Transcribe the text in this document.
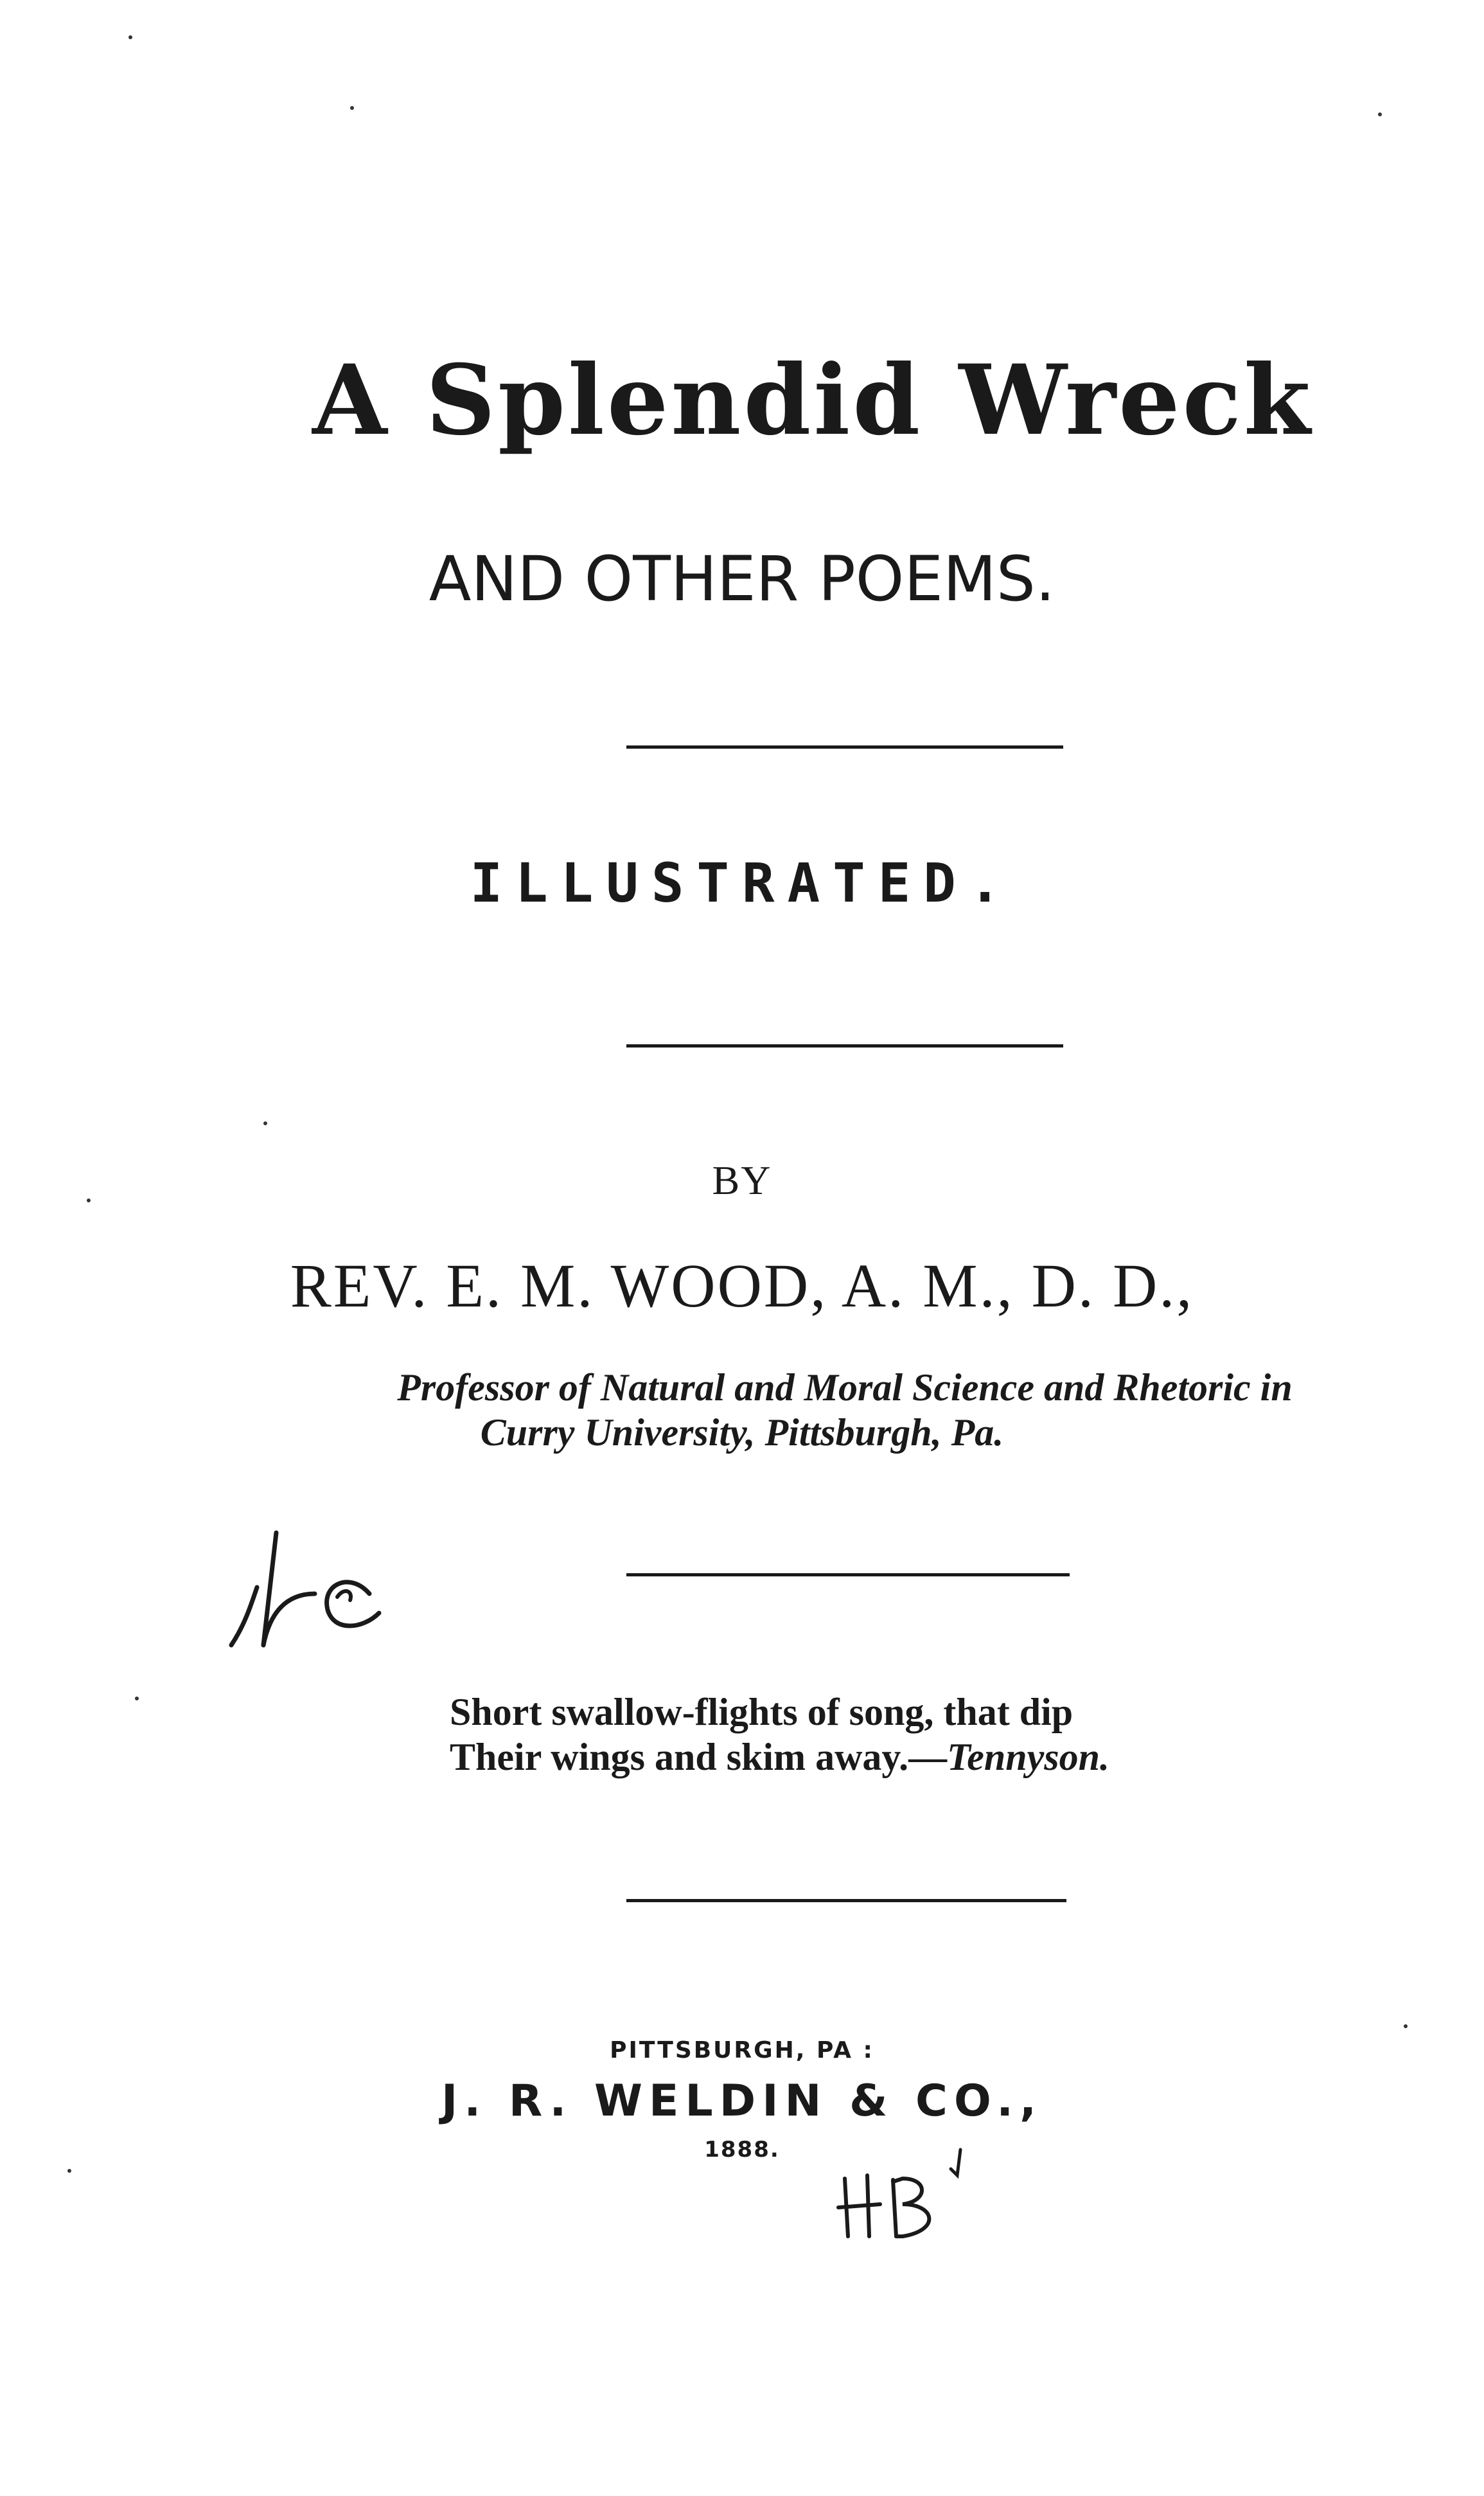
A Splendid Wreck
AND OTHER POEMS.
ILLUSTRATED.
BY
REV. E. M. WOOD, A. M., D. D.,
Professor of Natural and Moral Science and Rhetoric in
Curry University, Pittsburgh, Pa.
Short swallow-flights of song, that dip
Their wings and skim away.—Tennyson.
PITTSBURGH, PA :
J. R. WELDIN & CO.,
1888.
